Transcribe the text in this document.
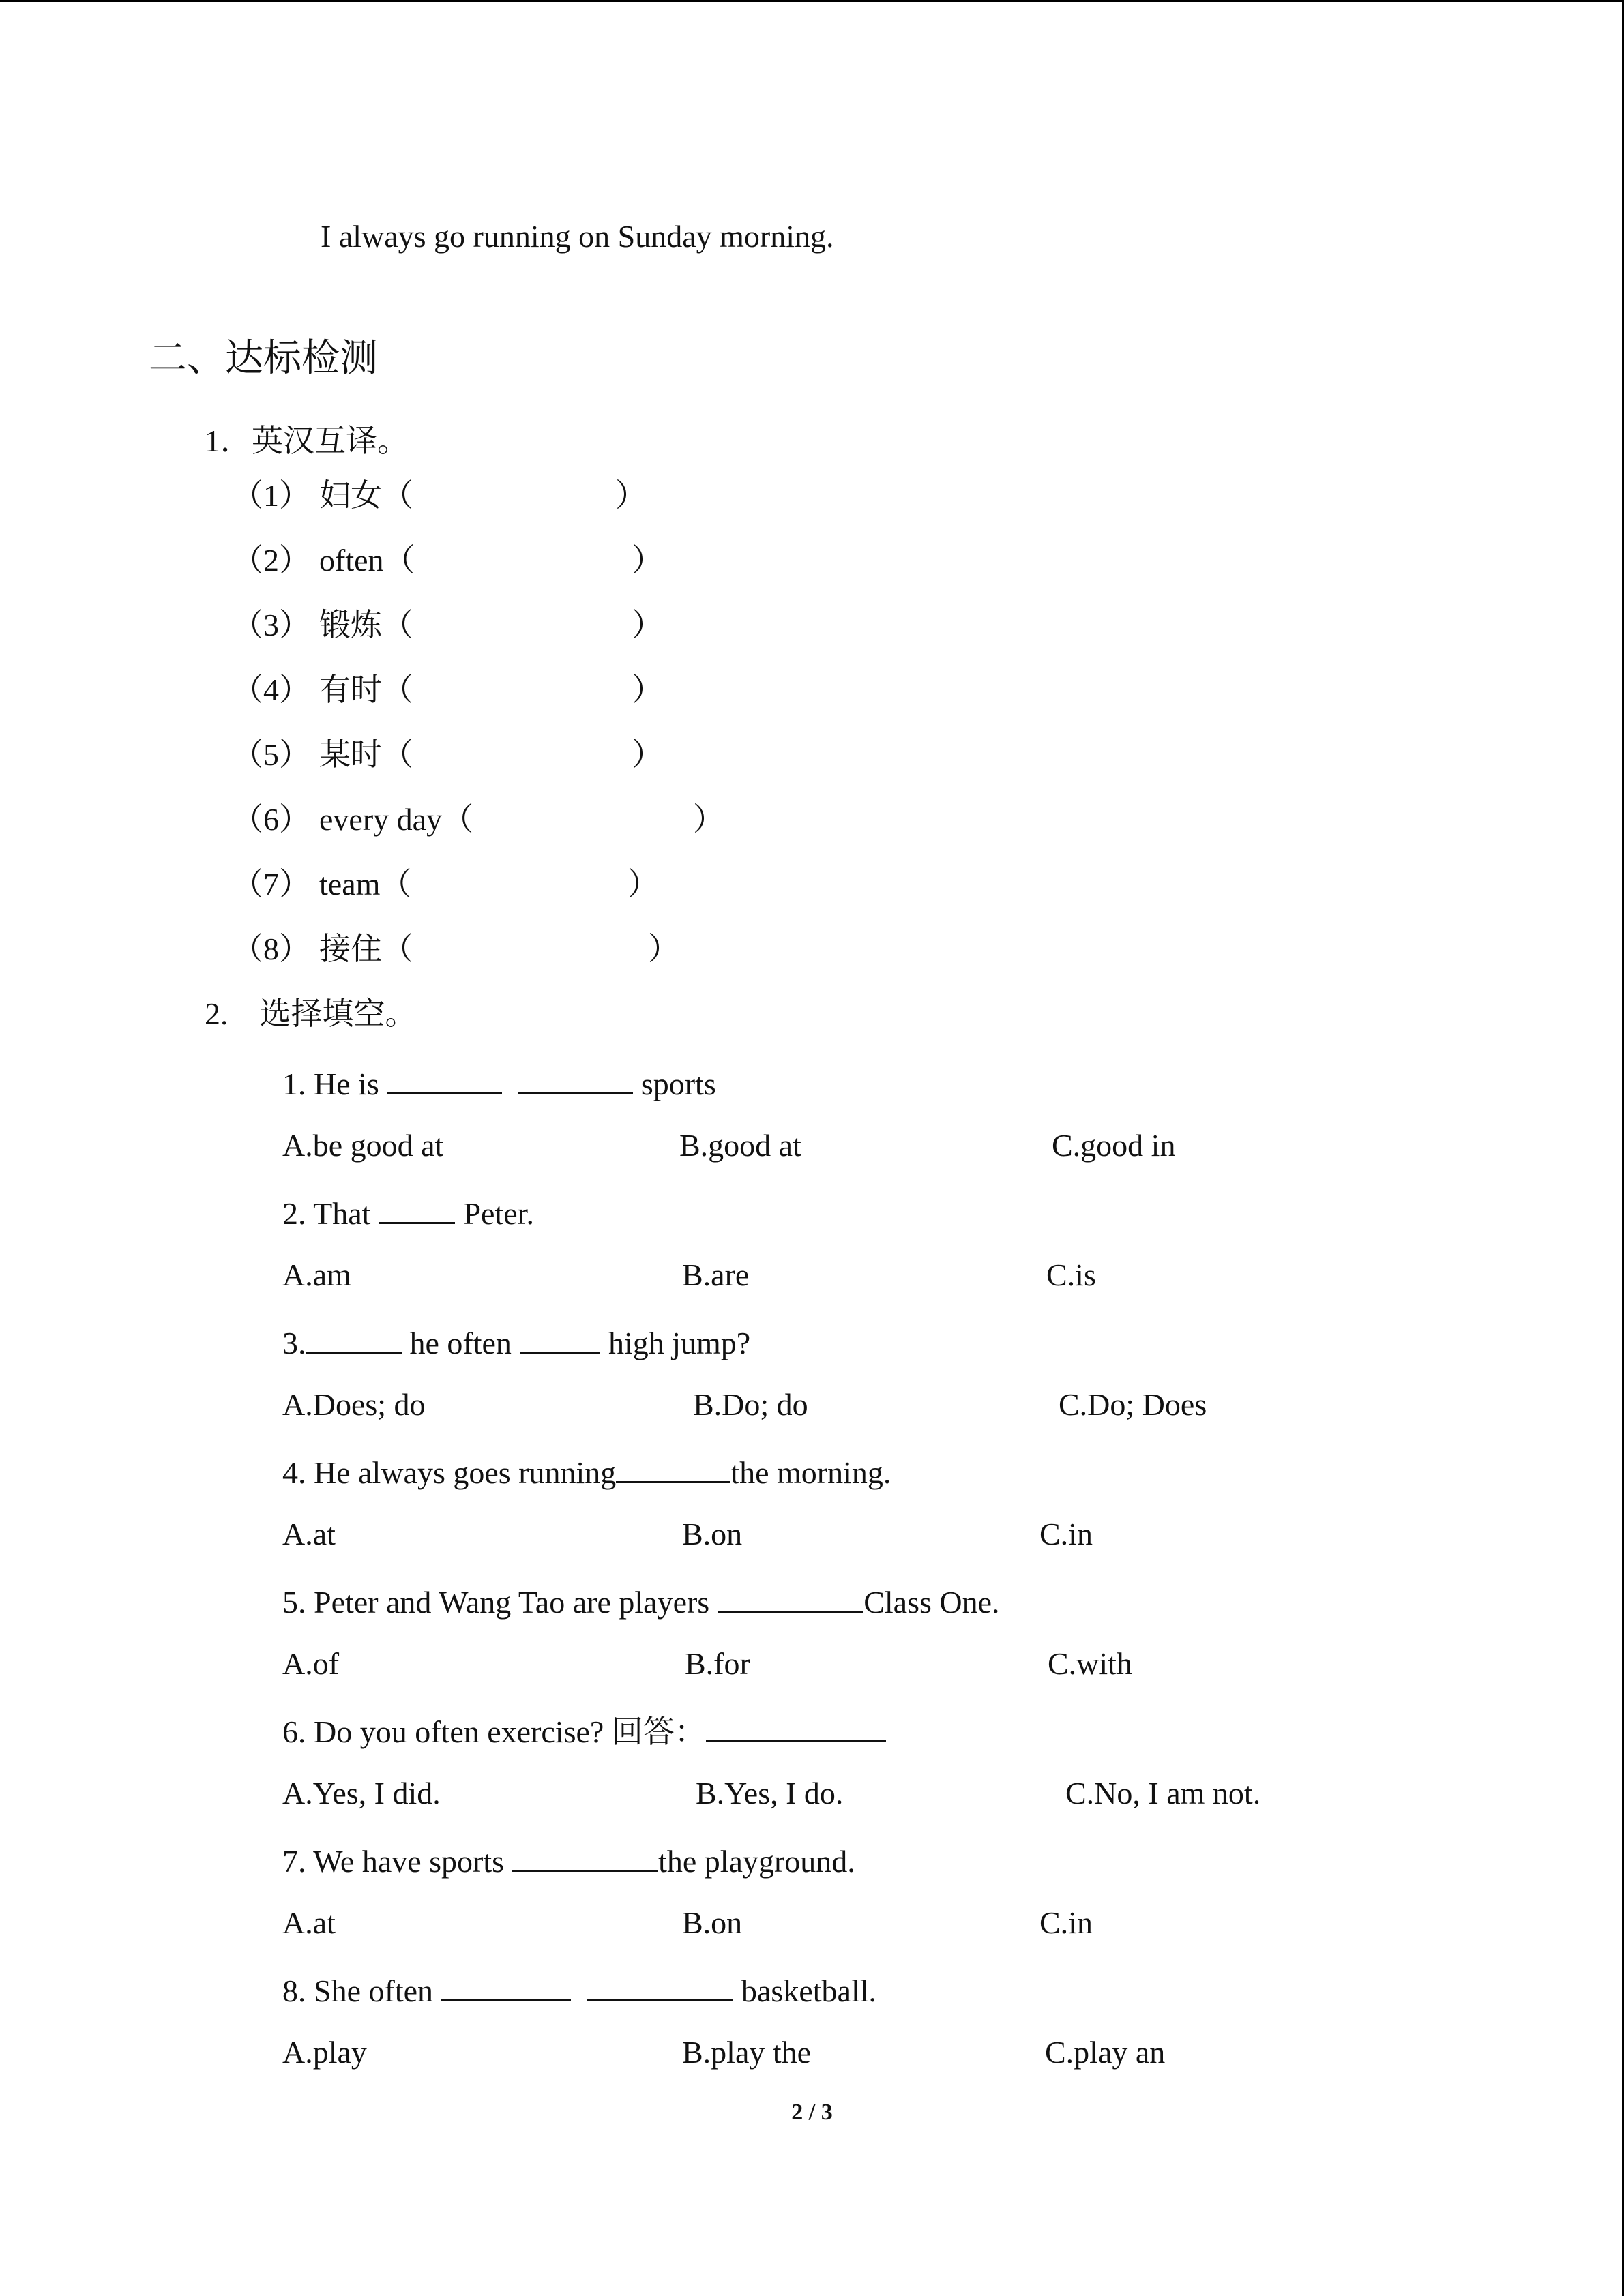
I always go running on Sunday morning.
二、达标检测
1．英汉互译。
（1） 妇女（	）
（2） often（	）
（3） 锻炼（	）
（4） 有时（	）
（5） 某时（	）
（6） every day（	）
（7） team（	）
（8） 接住（	）
2.　选择填空。
1. He is	sports
A.be good at	B.good at	C.good in
2. That	Peter.
A.am	B.are	C.is
3.	he often	high jump?
A.Does; do	B.Do; do	C.Do; Does
4. He always goes running	the morning.
A.at	B.on	C.in
5. Peter and Wang Tao are players	Class One.
A.of	B.for	C.with
6. Do you often exercise? 回答：
A.Yes, I did.	B.Yes, I do.	C.No, I am not.
7. We have sports	the playground.
A.at	B.on	C.in
8. She often	basketball.
A.play	B.play the	C.play an
2 / 3
